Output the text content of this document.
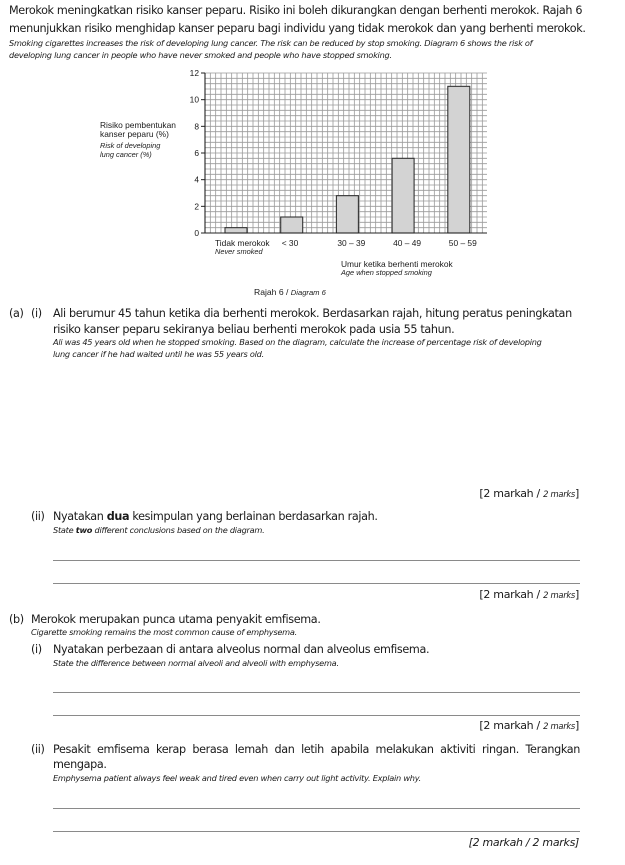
Merokok meningkatkan risiko kanser peparu. Risiko ini boleh dikurangkan dengan berhenti merokok. Rajah 6
menunjukkan risiko menghidap kanser peparu bagi individu yang tidak merokok dan yang berhenti merokok.
Smoking cigarettes increases the risk of developing lung cancer. The risk can be reduced by stop smoking. Diagram 6 shows the risk of
developing lung cancer in people who have never smoked and people who have stopped smoking.
0
2
4
6
8
10
12
Tidak merokok
Never smoked
< 30	30 – 39	40 – 49	50 – 59
Risiko pembentukan
kanser peparu (%)
Risk of developing
lung cancer (%)
Umur ketika berhenti merokok
Age when stopped smoking
Rajah 6 / Diagram 6
(a) (i) Ali berumur 45 tahun ketika dia berhenti merokok. Berdasarkan rajah, hitung peratus peningkatan
risiko kanser peparu sekiranya beliau berhenti merokok pada usia 55 tahun.
Ali was 45 years old when he stopped smoking. Based on the diagram, calculate the increase of percentage risk of developing
lung cancer if he had waited until he was 55 years old.
[2 markah / 2 marks]
(ii) Nyatakan dua kesimpulan yang berlainan berdasarkan rajah.
State two different conclusions based on the diagram.
[2 markah / 2 marks]
(b) Merokok merupakan punca utama penyakit emfisema.
Cigarette smoking remains the most common cause of emphysema.
(i) Nyatakan perbezaan di antara alveolus normal dan alveolus emfisema.
State the difference between normal alveoli and alveoli with emphysema.
[2 markah / 2 marks]
(ii) Pesakit emfisema kerap berasa lemah dan letih apabila melakukan aktiviti ringan. Terangkan
mengapa.
Emphysema patient always feel weak and tired even when carry out light activity. Explain why.
[2 markah / 2 marks]
